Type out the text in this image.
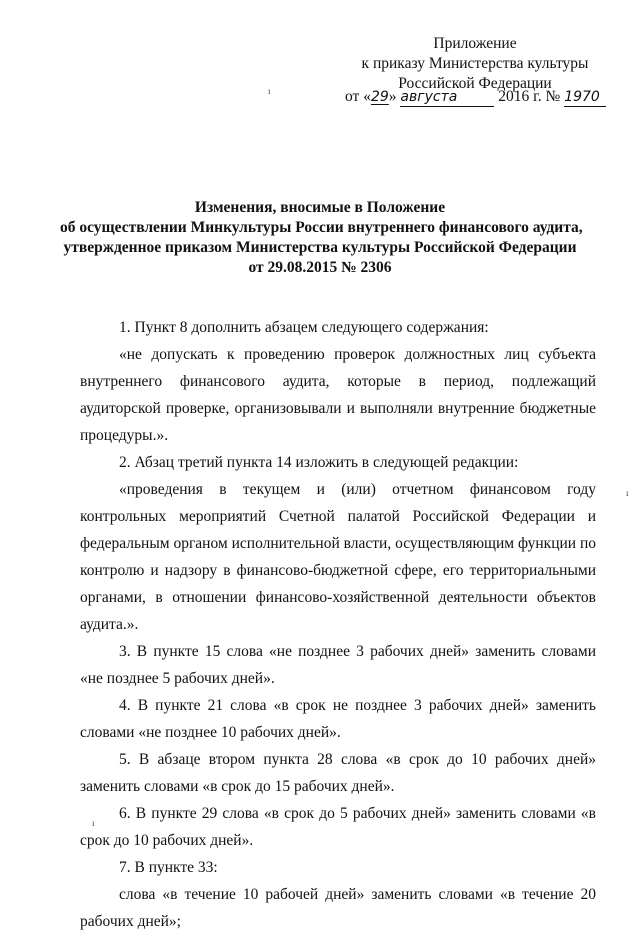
Приложение
к приказу Министерства культуры
Российской Федерации
от «29» августа	2016 г. № 1970
Изменения, вносимые в Положение
об осуществлении Минкультуры России внутреннего финансового аудита,
утвержденное приказом Министерства культуры Российской Федерации
от 29.08.2015 № 2306

1. Пункт 8 дополнить абзацем следующего содержания:

«не допускать к проведению проверок должностных лиц субъекта внутреннего финансового аудита, которые в период, подлежащий аудиторской проверке, организовывали и выполняли внутренние бюджетные процедуры.».

2. Абзац третий пункта 14 изложить в следующей редакции:

«проведения в текущем и (или) отчетном финансовом году контрольных мероприятий Счетной палатой Российской Федерации и федеральным органом исполнительной власти, осуществляющим функции по контролю и надзору в финансово-бюджетной сфере, его территориальными органами, в отношении финансово-хозяйственной деятельности объектов аудита.».

3. В пункте 15 слова «не позднее 3 рабочих дней» заменить словами «не позднее 5 рабочих дней».

4. В пункте 21 слова «в срок не позднее 3 рабочих дней» заменить словами «не позднее 10 рабочих дней».

5. В абзаце втором пункта 28 слова «в срок до 10 рабочих дней» заменить словами «в срок до 15 рабочих дней».

6. В пункте 29 слова «в срок до 5 рабочих дней» заменить словами «в срок до 10 рабочих дней».

7. В пункте 33:

слова «в течение 10 рабочей дней» заменить словами «в течение 20 рабочих дней»;

ı
ı
ı
